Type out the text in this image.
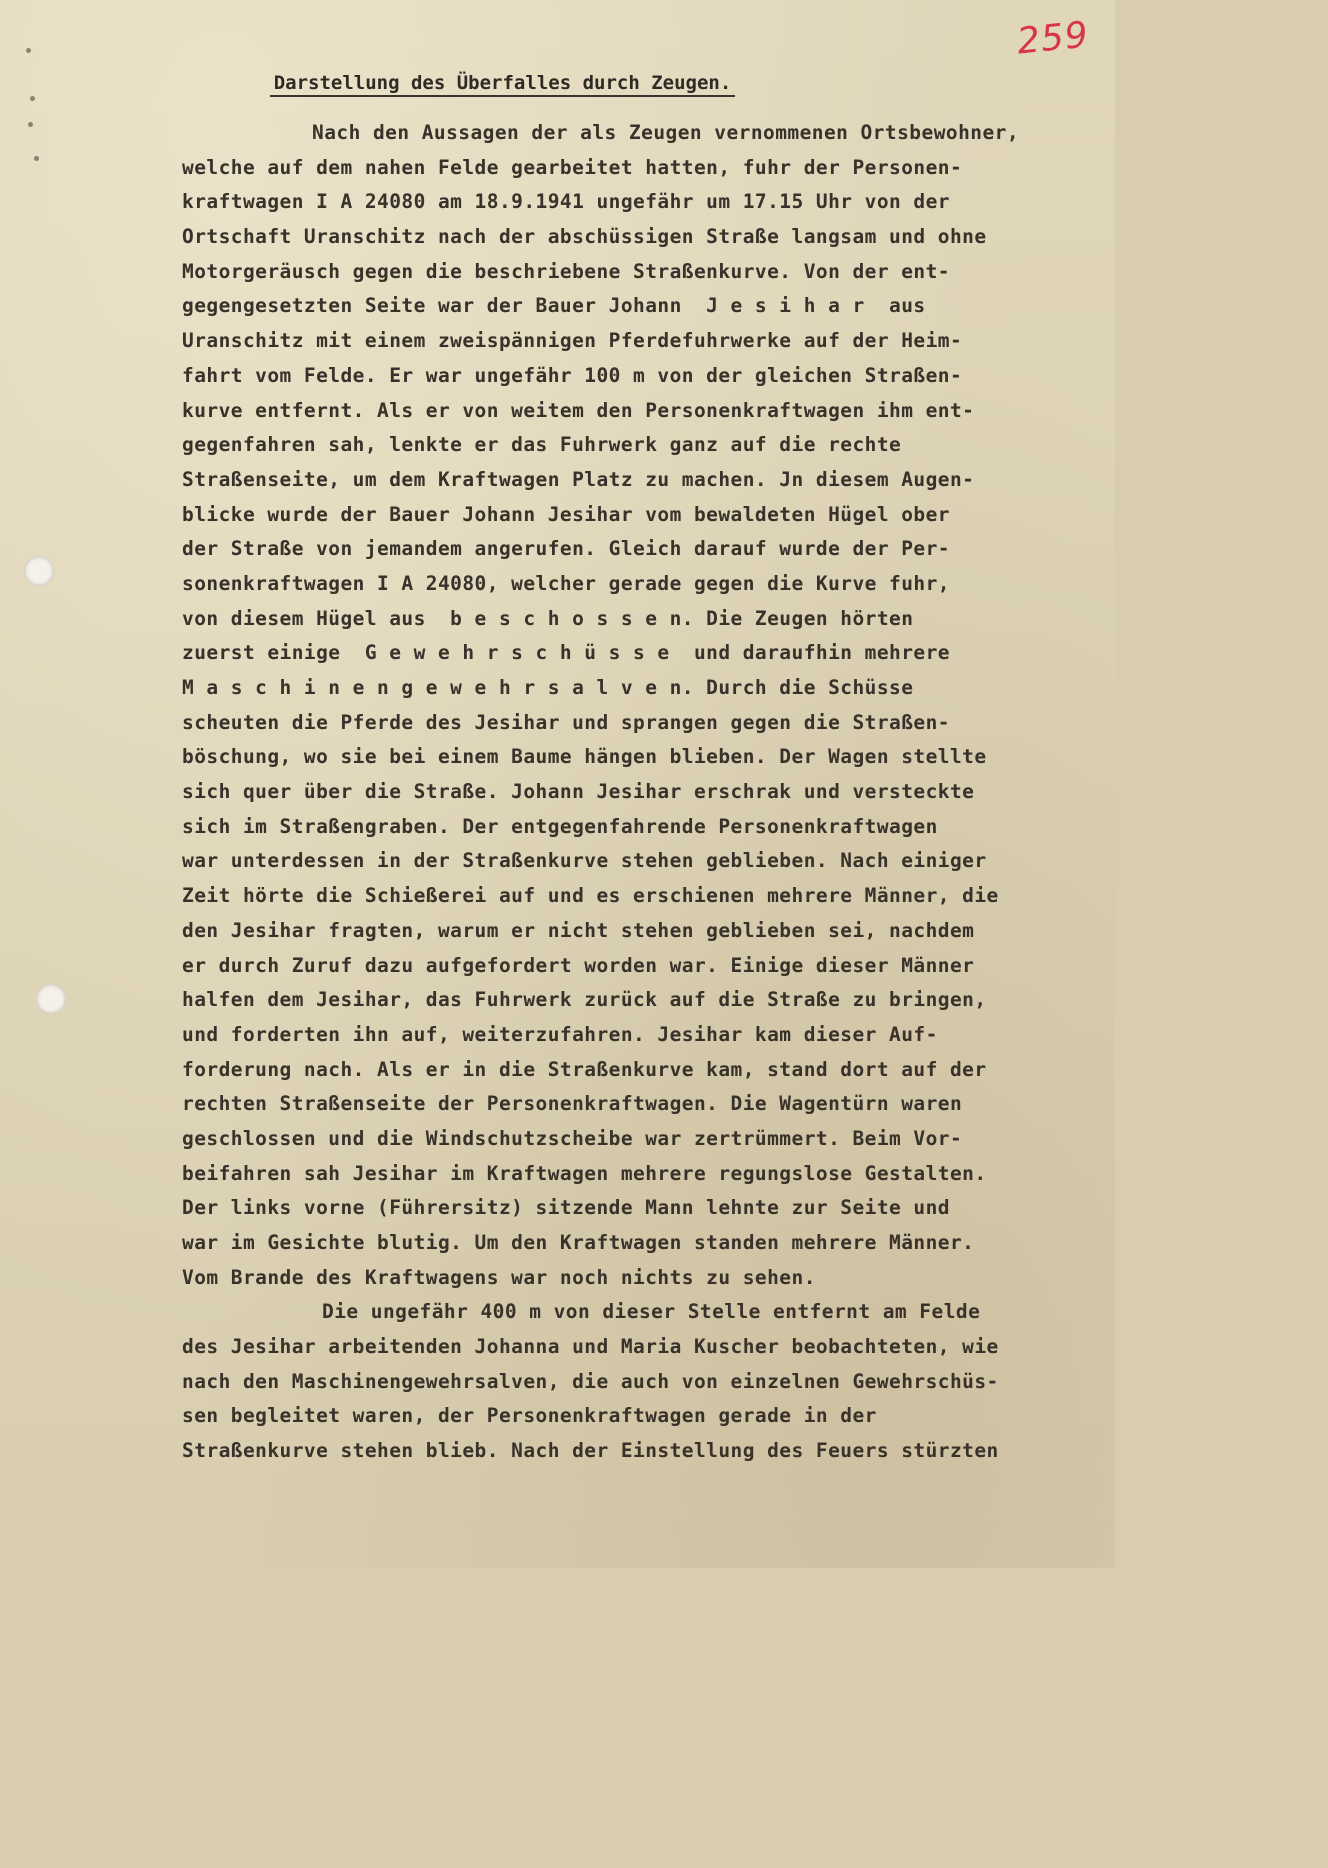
259
Darstellung des Überfalles durch Zeugen.
Nach den Aussagen der als Zeugen vernommenen Ortsbewohner,
welche auf dem nahen Felde gearbeitet hatten, fuhr der Personen-
kraftwagen I A 24080 am 18.9.1941 ungefähr um 17.15 Uhr von der
Ortschaft Uranschitz nach der abschüssigen Straße langsam und ohne
Motorgeräusch gegen die beschriebene Straßenkurve. Von der ent-
gegengesetzten Seite war der Bauer Johann  J e s i h a r  aus
Uranschitz mit einem zweispännigen Pferdefuhrwerke auf der Heim-
fahrt vom Felde. Er war ungefähr 100 m von der gleichen Straßen-
kurve entfernt. Als er von weitem den Personenkraftwagen ihm ent-
gegenfahren sah, lenkte er das Fuhrwerk ganz auf die rechte
Straßenseite, um dem Kraftwagen Platz zu machen. Jn diesem Augen-
blicke wurde der Bauer Johann Jesihar vom bewaldeten Hügel ober
der Straße von jemandem angerufen. Gleich darauf wurde der Per-
sonenkraftwagen I A 24080, welcher gerade gegen die Kurve fuhr,
von diesem Hügel aus  b e s c h o s s e n. Die Zeugen hörten
zuerst einige  G e w e h r s c h ü s s e  und daraufhin mehrere
M a s c h i n e n g e w e h r s a l v e n. Durch die Schüsse
scheuten die Pferde des Jesihar und sprangen gegen die Straßen-
böschung, wo sie bei einem Baume hängen blieben. Der Wagen stellte
sich quer über die Straße. Johann Jesihar erschrak und versteckte
sich im Straßengraben. Der entgegenfahrende Personenkraftwagen
war unterdessen in der Straßenkurve stehen geblieben. Nach einiger
Zeit hörte die Schießerei auf und es erschienen mehrere Männer, die
den Jesihar fragten, warum er nicht stehen geblieben sei, nachdem
er durch Zuruf dazu aufgefordert worden war. Einige dieser Männer
halfen dem Jesihar, das Fuhrwerk zurück auf die Straße zu bringen,
und forderten ihn auf, weiterzufahren. Jesihar kam dieser Auf-
forderung nach. Als er in die Straßenkurve kam, stand dort auf der
rechten Straßenseite der Personenkraftwagen. Die Wagentürn waren
geschlossen und die Windschutzscheibe war zertrümmert. Beim Vor-
beifahren sah Jesihar im Kraftwagen mehrere regungslose Gestalten.
Der links vorne (Führersitz) sitzende Mann lehnte zur Seite und
war im Gesichte blutig. Um den Kraftwagen standen mehrere Männer.
Vom Brande des Kraftwagens war noch nichts zu sehen.
Die ungefähr 400 m von dieser Stelle entfernt am Felde
des Jesihar arbeitenden Johanna und Maria Kuscher beobachteten, wie
nach den Maschinengewehrsalven, die auch von einzelnen Gewehrschüs-
sen begleitet waren, der Personenkraftwagen gerade in der
Straßenkurve stehen blieb. Nach der Einstellung des Feuers stürzten
